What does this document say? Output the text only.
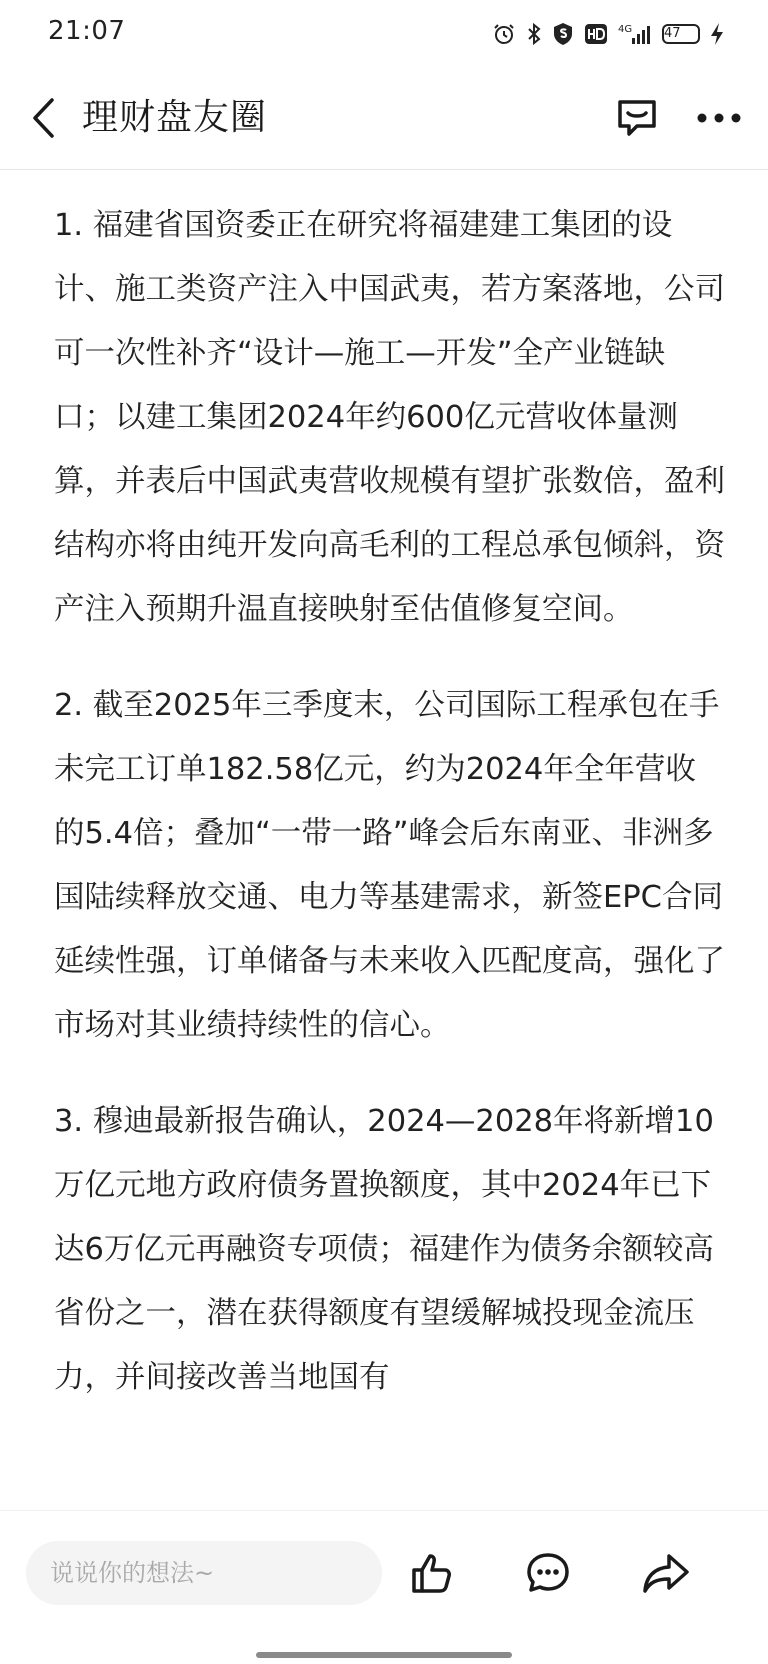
21:07	4G 47
理财盘友圈

1. 福建省国资委正在研究将福建建工集团的设计、施工类资产注入中国武夷，若方案落地，公司可一次性补齐“设计—施工—开发”全产业链缺口；以建工集团2024年约600亿元营收体量测算，并表后中国武夷营收规模有望扩张数倍，盈利结构亦将由纯开发向高毛利的工程总承包倾斜，资产注入预期升温直接映射至估值修复空间。

2. 截至2025年三季度末，公司国际工程承包在手未完工订单182.58亿元，约为2024年全年营收的5.4倍；叠加“一带一路”峰会后东南亚、非洲多国陆续释放交通、电力等基建需求，新签EPC合同延续性强，订单储备与未来收入匹配度高，强化了市场对其业绩持续性的信心。

3. 穆迪最新报告确认，2024—2028年将新增10万亿元地方政府债务置换额度，其中2024年已下达6万亿元再融资专项债；福建作为债务余额较高省份之一，潜在获得额度有望缓解城投现金流压力，并间接改善当地国有

说说你的想法~
